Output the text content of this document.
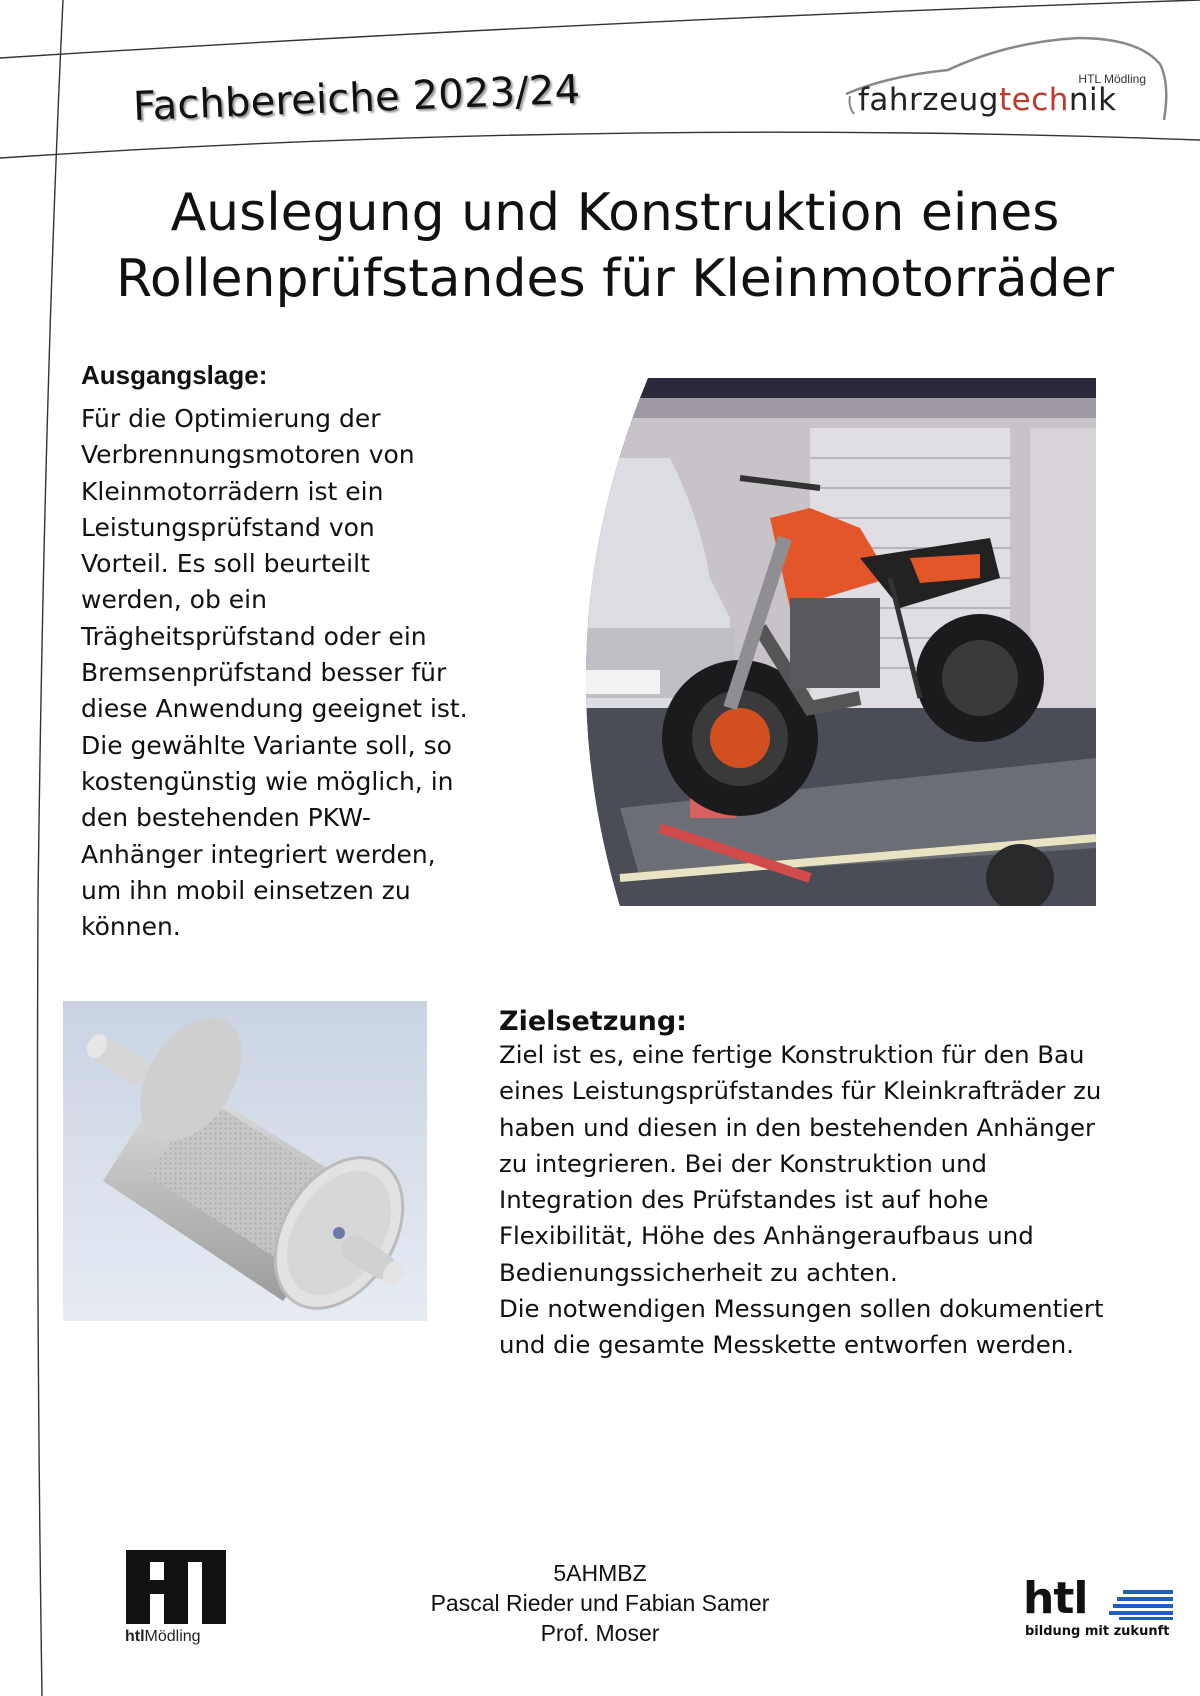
Fachbereiche 2023/24	HTL Mödling
fahrzeugtechnik
Auslegung und Konstruktion eines
Rollenprüfstandes für Kleinmotorräder
Ausgangslage:
Für die Optimierung der
Verbrennungsmotoren von
Kleinmotorrädern ist ein
Leistungsprüfstand von
Vorteil. Es soll beurteilt
werden, ob ein
Trägheitsprüfstand oder ein
Bremsenprüfstand besser für
diese Anwendung geeignet ist.
Die gewählte Variante soll, so
kostengünstig wie möglich, in
den bestehenden PKW-
Anhänger integriert werden,
um ihn mobil einsetzen zu
können.
Zielsetzung:
Ziel ist es, eine fertige Konstruktion für den Bau
eines Leistungsprüfstandes für Kleinkrafträder zu
haben und diesen in den bestehenden Anhänger
zu integrieren. Bei der Konstruktion und
Integration des Prüfstandes ist auf hohe
Flexibilität, Höhe des Anhängeraufbaus und
Bedienungssicherheit zu achten.
Die notwendigen Messungen sollen dokumentiert
und die gesamte Messkette entworfen werden.
5AHMBZ
Pascal Rieder und Fabian Samer
Prof. Moser
htlMödling
htl
bildung mit zukunft
